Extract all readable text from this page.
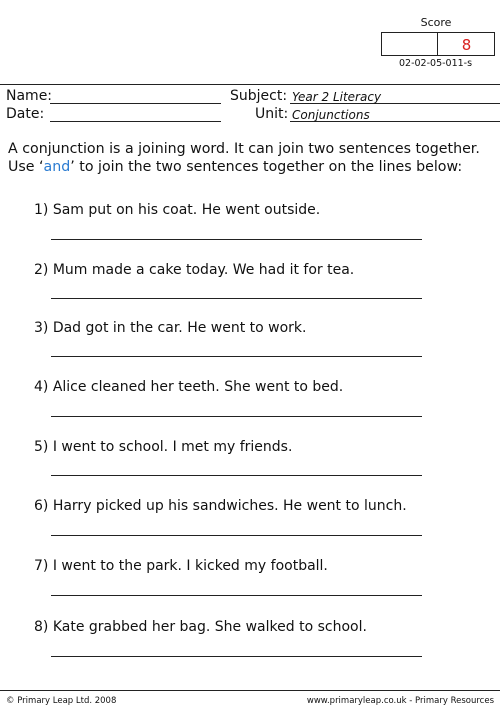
Score
8
02-02-05-011-s
Name:
Date:
Subject: Year 2 Literacy
Unit: Conjunctions
A conjunction is a joining word. It can join two sentences together.
Use ‘and’ to join the two sentences together on the lines below:
1) Sam put on his coat. He went outside.
2) Mum made a cake today. We had it for tea.
3) Dad got in the car. He went to work.
4) Alice cleaned her teeth. She went to bed.
5) I went to school. I met my friends.
6) Harry picked up his sandwiches. He went to lunch.
7) I went to the park. I kicked my football.
8) Kate grabbed her bag. She walked to school.
© Primary Leap Ltd. 2008	www.primaryleap.co.uk - Primary Resources
